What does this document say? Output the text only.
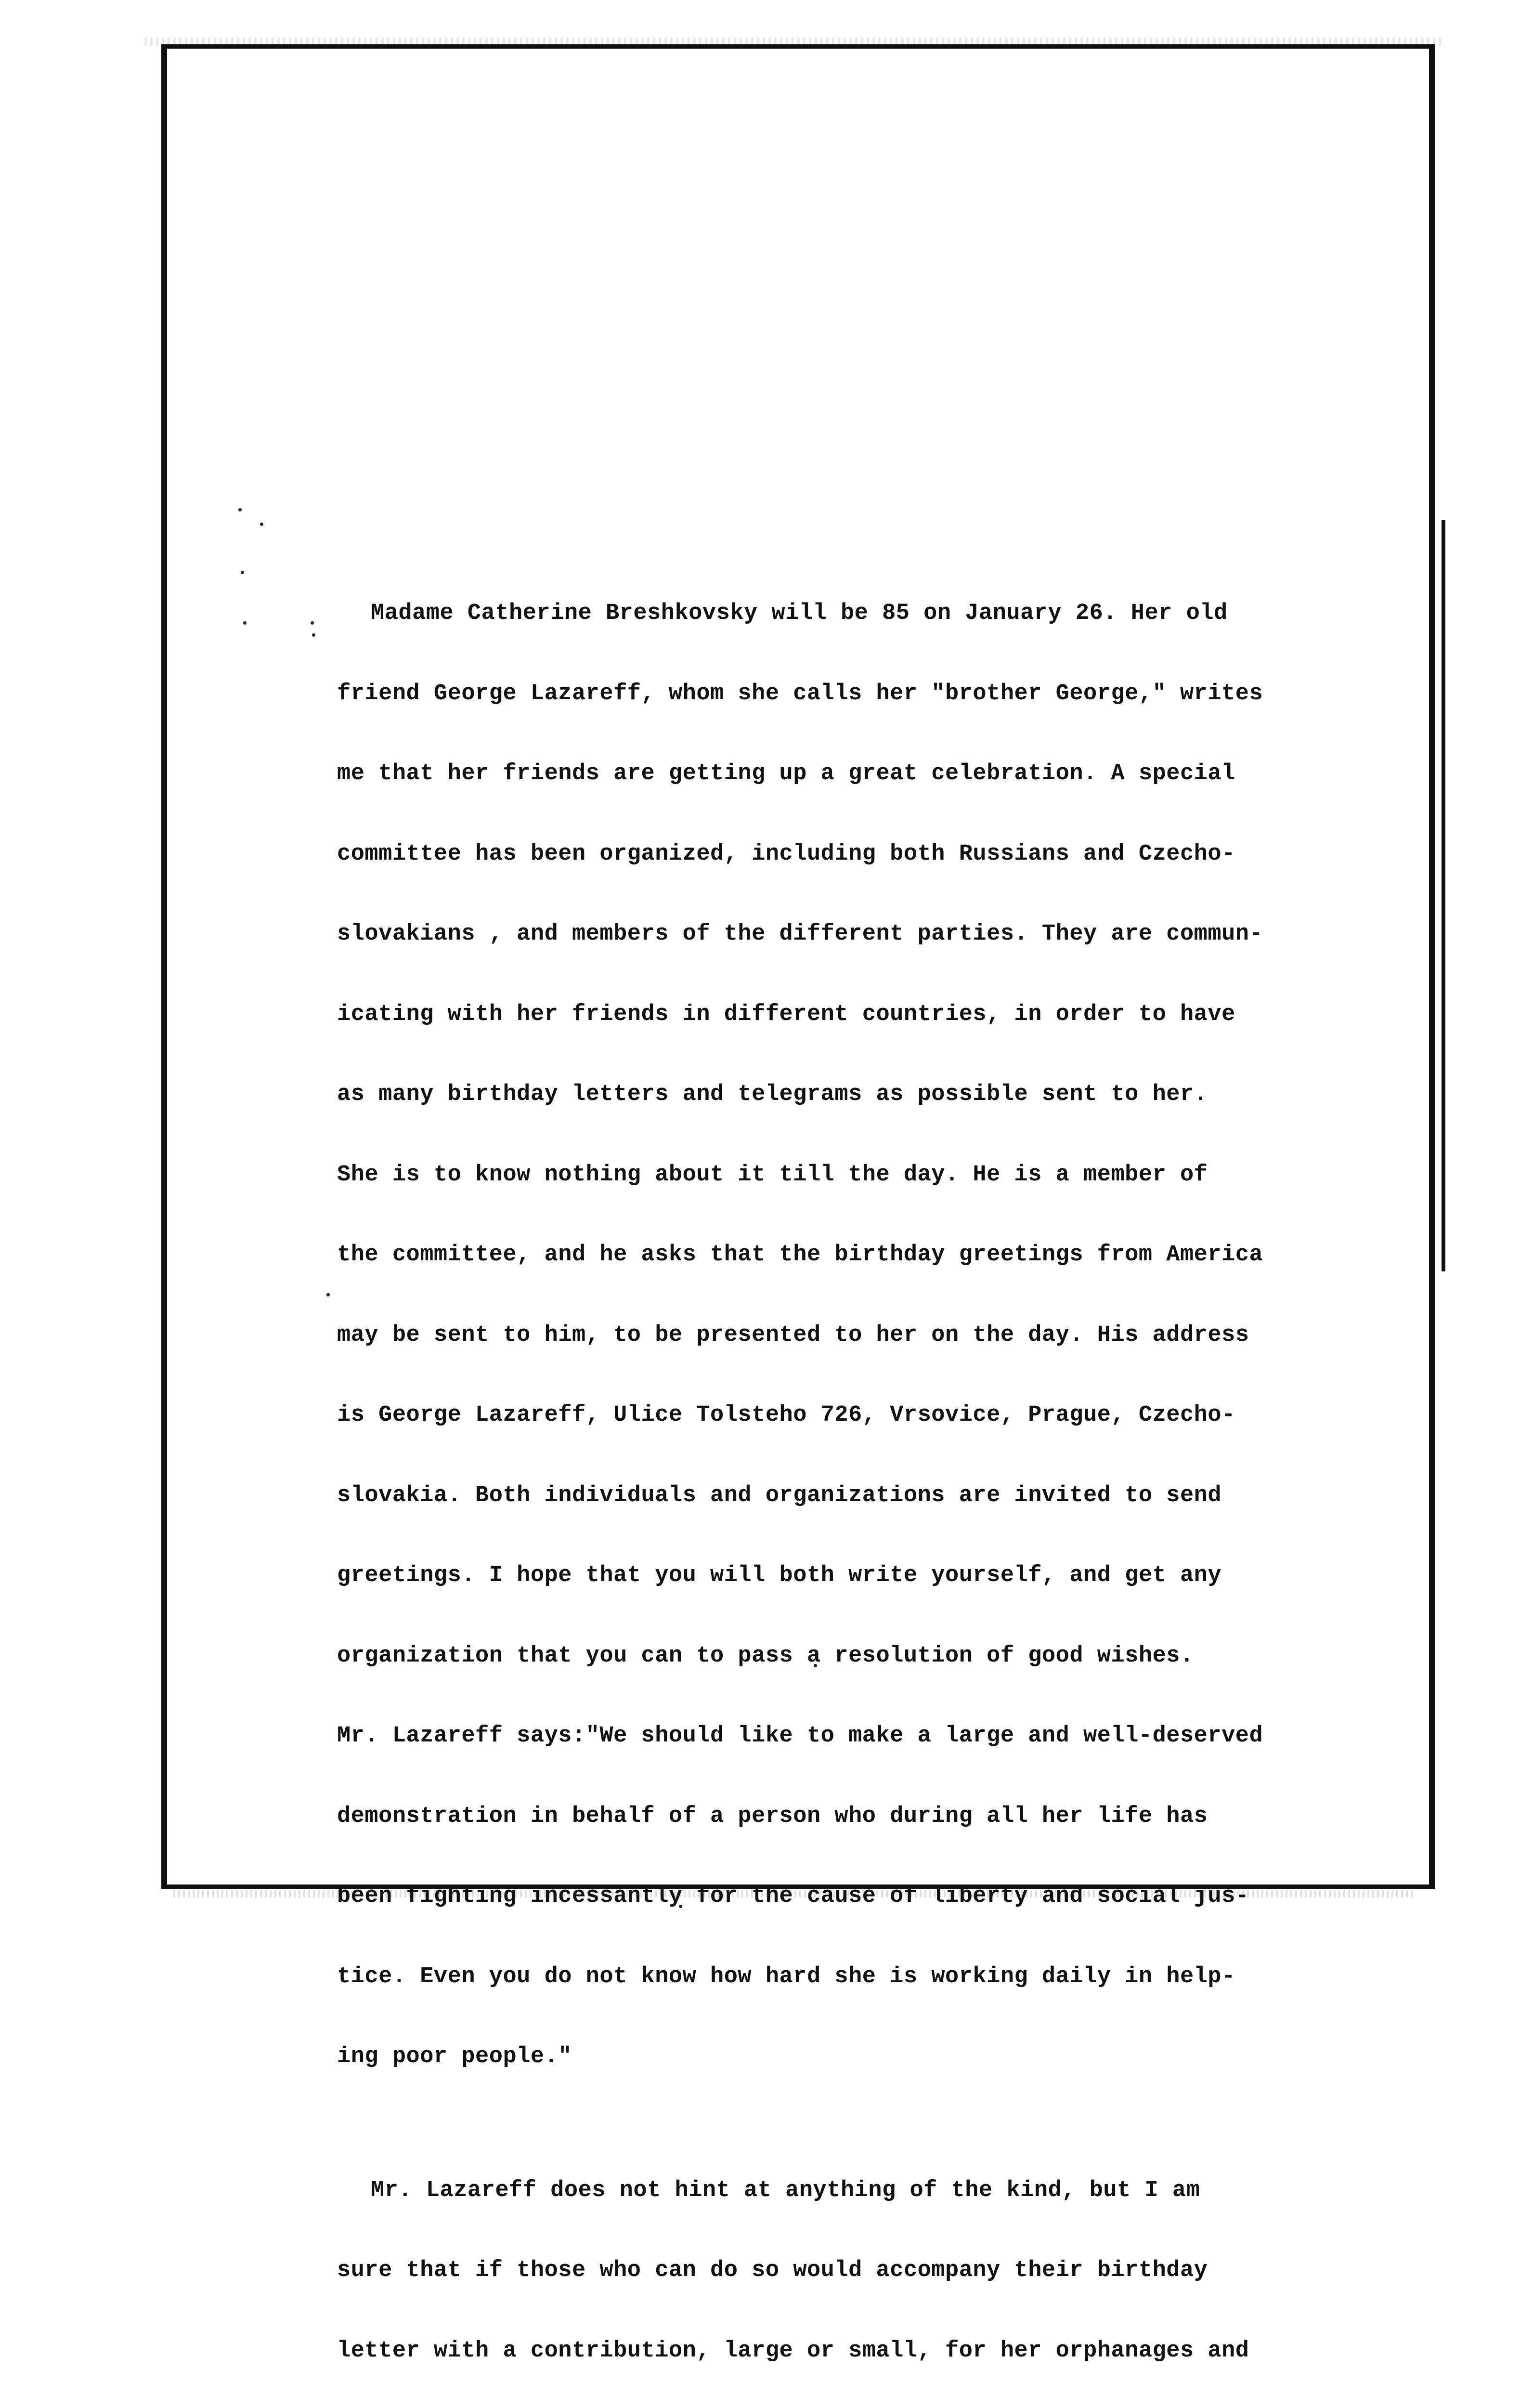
Madame Catherine Breshkovsky will be 85 on January 26. Her old

friend George Lazareff, whom she calls her "brother George," writes

me that her friends are getting up a great celebration. A special

committee has been organized, including both Russians and Czecho-

slovakians , and members of the different parties. They are commun-

icating with her friends in different countries, in order to have

as many birthday letters and telegrams as possible sent to her.

She is to know nothing about it till the day. He is a member of

the committee, and he asks that the birthday greetings from America

may be sent to him, to be presented to her on the day. His address

is George Lazareff, Ulice Tolsteho 726, Vrsovice, Prague, Czecho-

slovakia. Both individuals and organizations are invited to send

greetings. I hope that you will both write yourself, and get any

organization that you can to pass a resolution of good wishes.

Mr. Lazareff says:"We should like to make a large and well-deserved

demonstration in behalf of a person who during all her life has

been fighting incessantly for the cause of liberty and social jus-

tice. Even you do not know how hard she is working daily in help-

ing poor people."

Mr. Lazareff does not hint at anything of the kind, but I am

sure that if those who can do so would accompany their birthday

letter with a contribution, large or small, for her orphanages and
